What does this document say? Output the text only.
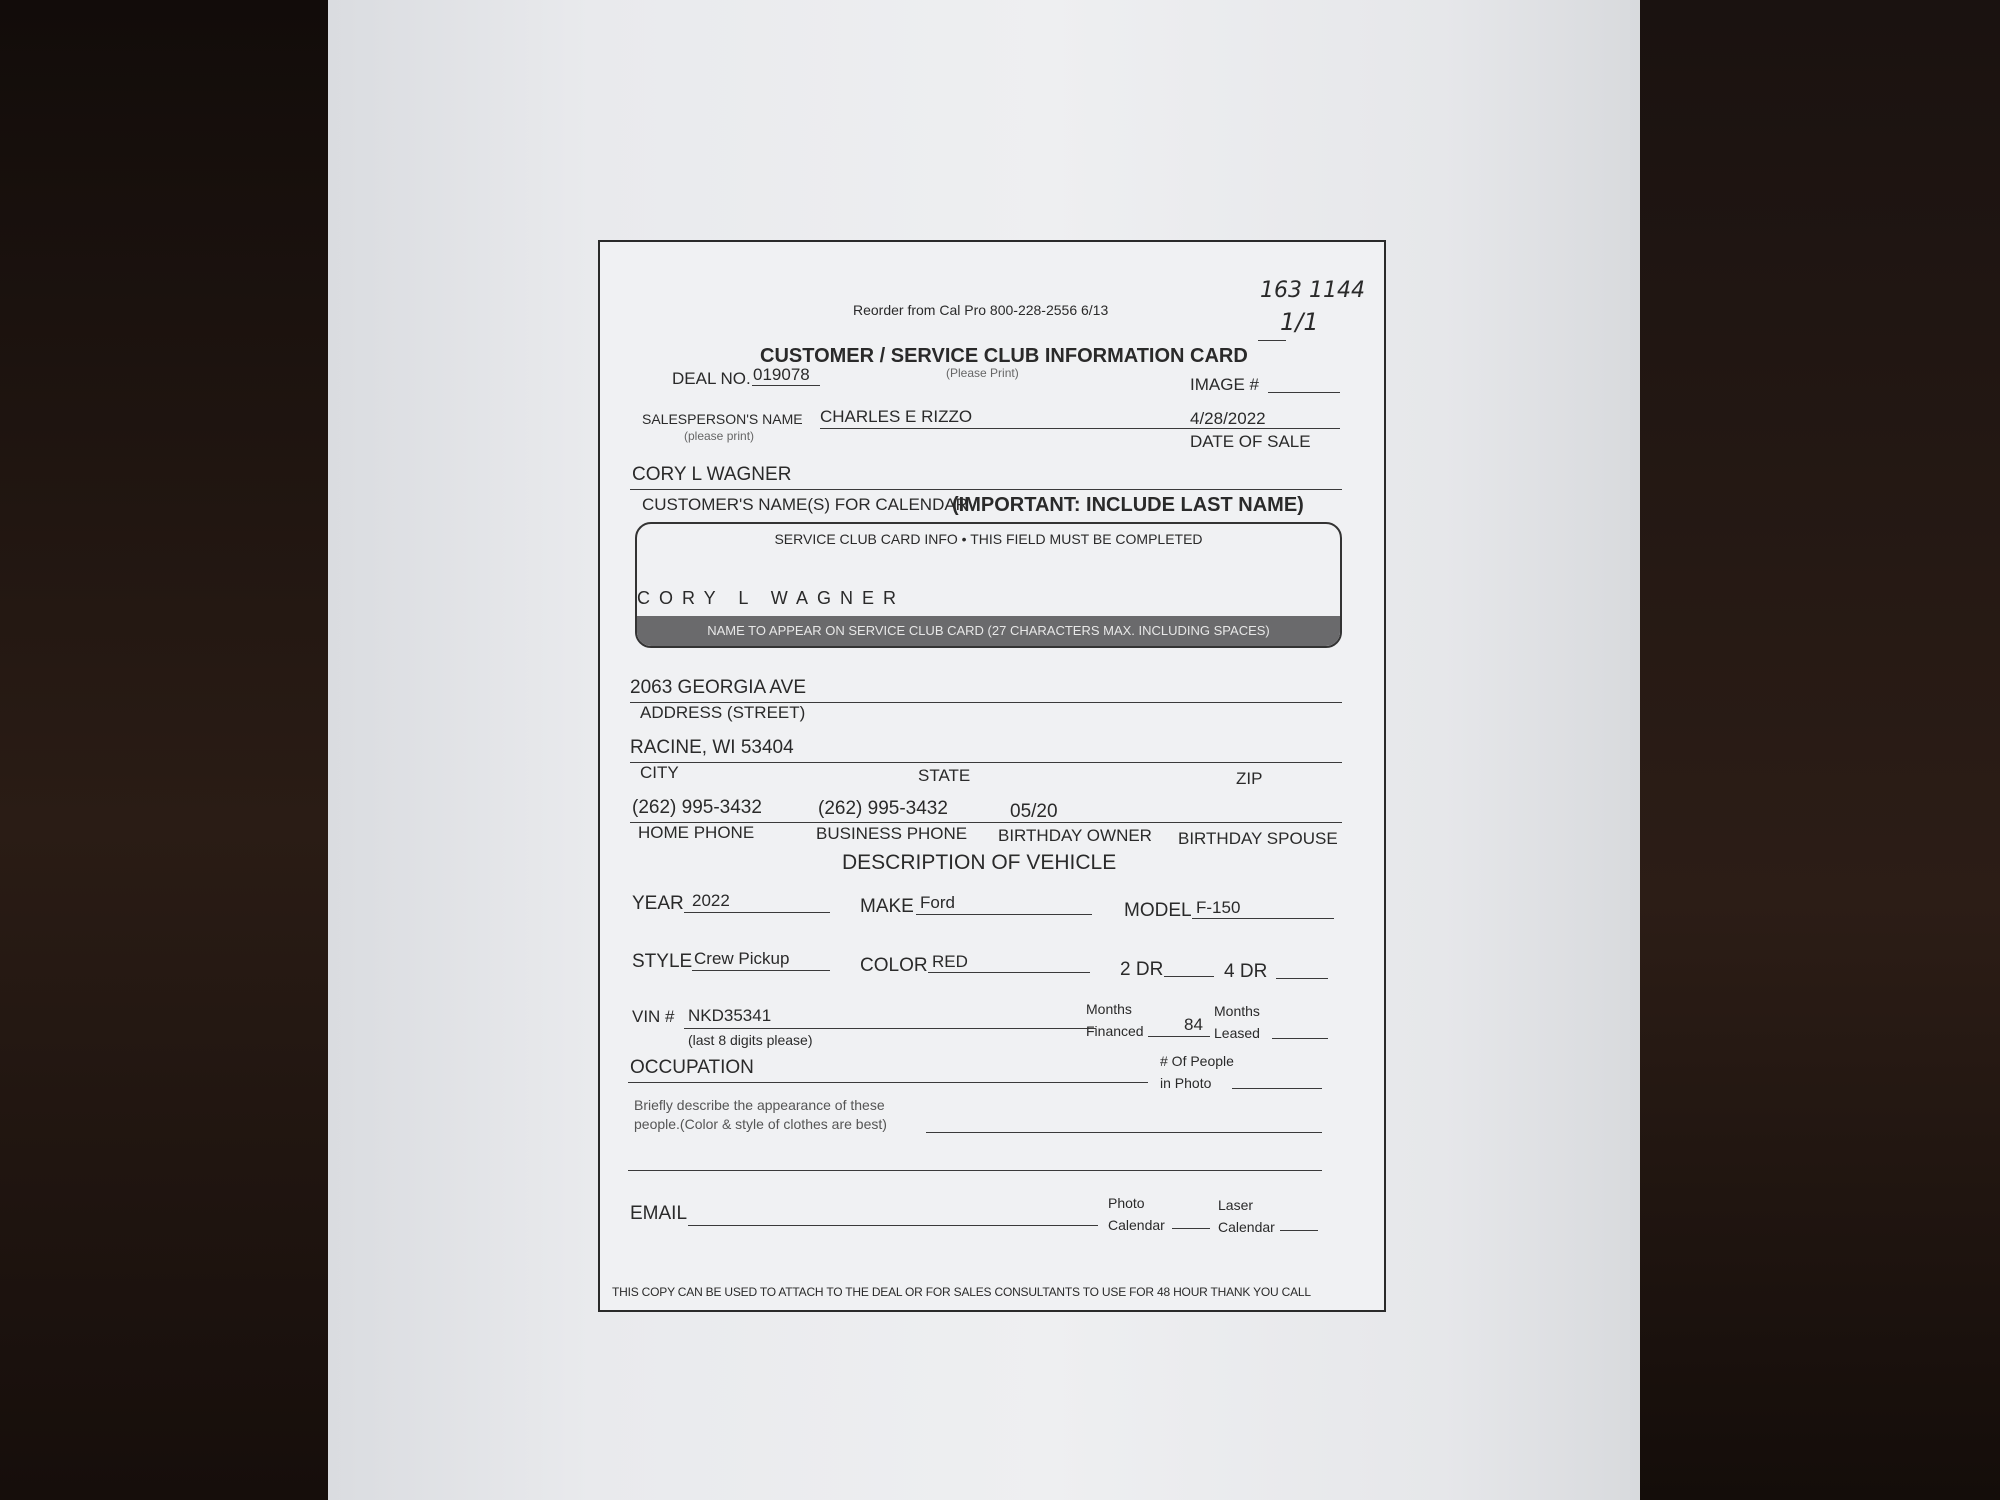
Reorder from Cal Pro 800-228-2556 6/13
163 1144
1/1
CUSTOMER / SERVICE CLUB INFORMATION CARD
(Please Print)
DEAL NO. 019078
IMAGE #
SALESPERSON'S NAME
(please print)
CHARLES E RIZZO	4/28/2022
DATE OF SALE
CORY L WAGNER
CUSTOMER'S NAME(S) FOR CALENDAR
(IMPORTANT: INCLUDE LAST NAME)
SERVICE CLUB CARD INFO • THIS FIELD MUST BE COMPLETED
CORY L WAGNER
NAME TO APPEAR ON SERVICE CLUB CARD (27 CHARACTERS MAX. INCLUDING SPACES)
2063 GEORGIA AVE
ADDRESS (STREET)
RACINE, WI 53404
CITY	STATE	ZIP
(262) 995-3432	(262) 995-3432	05/20
HOME PHONE	BUSINESS PHONE BIRTHDAY OWNER BIRTHDAY SPOUSE
DESCRIPTION OF VEHICLE
YEAR 2022	MAKE Ford	MODEL F-150
STYLE Crew Pickup	COLOR RED	2 DR	4 DR
VIN # NKD35341
(last 8 digits please)
Months
Financed 84
Months
Leased
OCCUPATION	# Of People
in Photo
Briefly describe the appearance of these
people.(Color & style of clothes are best)
EMAIL	Photo
Calendar
Laser
Calendar
THIS COPY CAN BE USED TO ATTACH TO THE DEAL OR FOR SALES CONSULTANTS TO USE FOR 48 HOUR THANK YOU CALL
